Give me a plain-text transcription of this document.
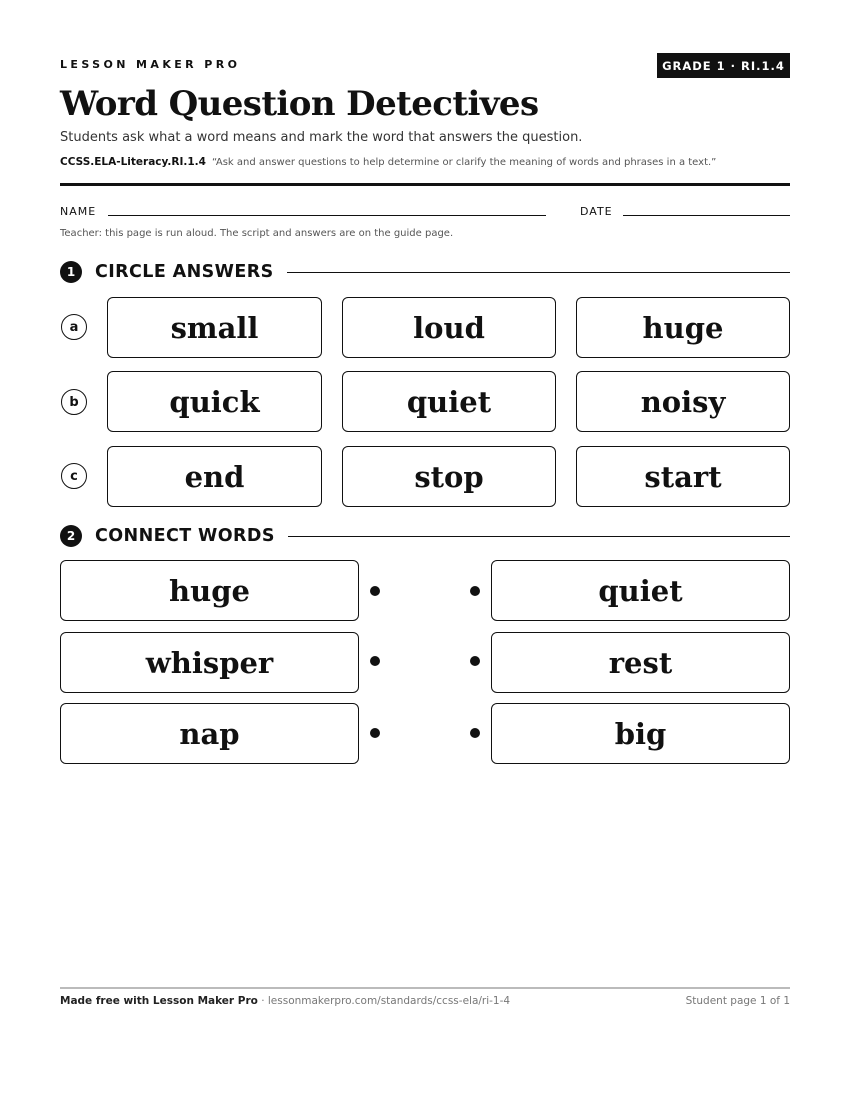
LESSON MAKER PRO	GRADE 1 · RI.1.4
Word Question Detectives
Students ask what a word means and mark the word that answers the question.
CCSS.ELA-Literacy.RI.1.4 “Ask and answer questions to help determine or clarify the meaning of words and phrases in a text.”
NAME	DATE
Teacher: this page is run aloud. The script and answers are on the guide page.
1	CIRCLE ANSWERS
a	small	loud	huge
b	quick	quiet	noisy
c	end	stop	start
2	CONNECT WORDS
huge	quiet
whisper	rest
nap	big
Made free with Lesson Maker Pro · lessonmakerpro.com/standards/ccss-ela/ri-1-4	Student page 1 of 1
